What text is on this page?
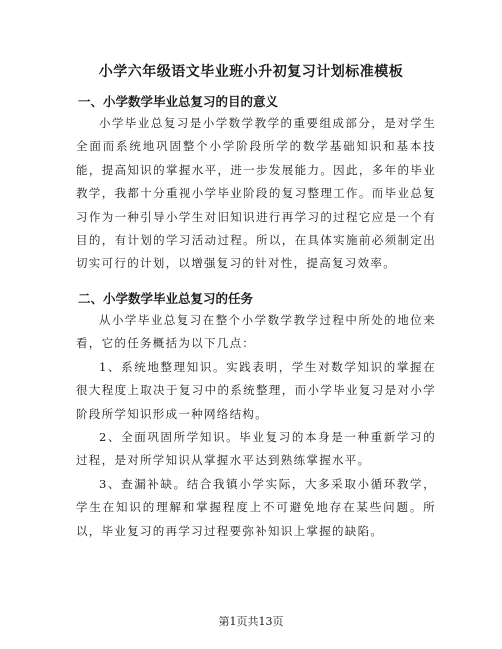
小学六年级语文毕业班小升初复习计划标准模板
一、小学数学毕业总复习的目的意义

小学毕业总复习是小学数学教学的重要组成部分，是对学生全面而系统地巩固整个小学阶段所学的数学基础知识和基本技能，提高知识的掌握水平，进一步发展能力。因此，多年的毕业教学，我都十分重视小学毕业阶段的复习整理工作。而毕业总复习作为一种引导小学生对旧知识进行再学习的过程它应是一个有目的，有计划的学习活动过程。所以，在具体实施前必须制定出切实可行的计划，以增强复习的针对性，提高复习效率。

二、小学数学毕业总复习的任务

从小学毕业总复习在整个小学数学教学过程中所处的地位来看，它的任务概括为以下几点：

1、系统地整理知识。实践表明，学生对数学知识的掌握在很大程度上取决于复习中的系统整理，而小学毕业复习是对小学阶段所学知识形成一种网络结构。

2、全面巩固所学知识。毕业复习的本身是一种重新学习的过程，是对所学知识从掌握水平达到熟练掌握水平。

3、查漏补缺。结合我镇小学实际，大多采取小循环教学，学生在知识的理解和掌握程度上不可避免地存在某些问题。所以，毕业复习的再学习过程要弥补知识上掌握的缺陷。

第1页共13页
